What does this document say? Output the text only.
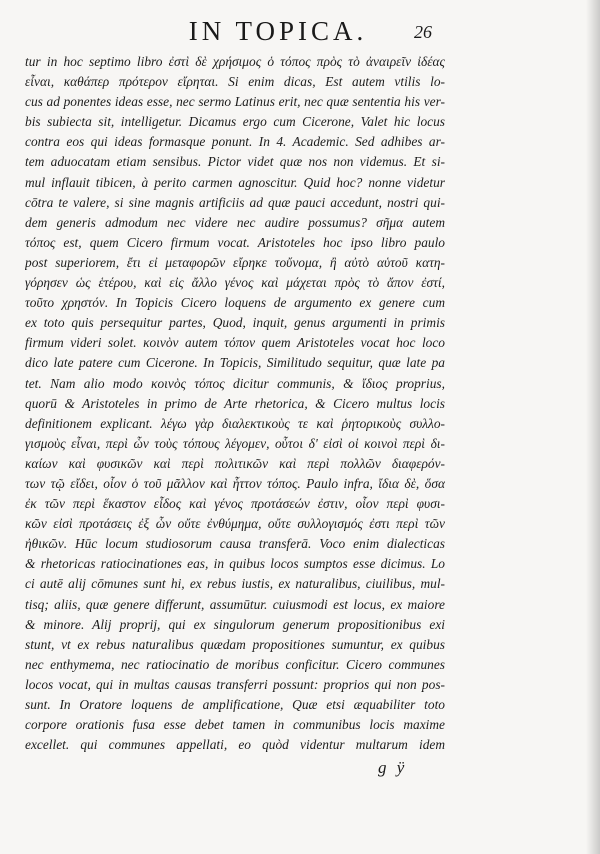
IN TOPICA.	26
tur in hoc septimo libro ἐστὶ δὲ χρήσιμος ὁ τόπος πρὸς τὸ ἀναιρεῖν ἰδέας
εἶναι, καθάπερ πρότερον εἴρηται. Si enim dicas, Est autem vtilis lo-
cus ad ponentes ideas esse, nec sermo Latinus erit, nec quæ sententia his ver-
bis subiecta sit, intelligetur. Dicamus ergo cum Cicerone, Valet hic locus
contra eos qui ideas formasque ponunt. In 4. Academic. Sed adhibes ar-
tem aduocatam etiam sensibus. Pictor videt quæ nos non videmus. Et si-
mul inflauit tibicen, à perito carmen agnoscitur. Quid hoc? nonne videtur
cōtra te valere, si sine magnis artificiis ad quæ pauci accedunt, nostri qui-
dem generis admodum nec videre nec audire possumus? σῆμα autem
τόπος est, quem Cicero firmum vocat. Aristoteles hoc ipso libro paulo
post superiorem, ἔτι εἰ μεταφορῶν εἴρηκε τοὔνομα, ἢ αὐτὸ αὑτοῦ κατη-
γόρησεν ὡς ἑτέρου, καὶ εἰς ἄλλο γένος καὶ μάχεται πρὸς τὸ ἄπον ἐστί,
τοῦτο χρηστόν. In Topicis Cicero loquens de argumento ex genere cum
ex toto quis persequitur partes, Quod, inquit, genus argumenti in primis
firmum videri solet. κοινὸν autem τόπον quem Aristoteles vocat hoc loco
dico late patere cum Cicerone. In Topicis, Similitudo sequitur, quæ late pa
tet. Nam alio modo κοινὸς τόπος dicitur communis, & ἴδιος proprius,
quorū & Aristoteles in primo de Arte rhetorica, & Cicero multus locis
definitionem explicant. λέγω γὰρ διαλεκτικοὺς τε καὶ ῥητορικοὺς συλλο-
γισμοὺς εἶναι, περὶ ὧν τοὺς τόπους λέγομεν, οὗτοι δ' εἰσὶ οἱ κοινοὶ περὶ δι-
καίων καὶ φυσικῶν καὶ περὶ πολιτικῶν καὶ περὶ πολλῶν διαφερόν-
των τῷ εἴδει, οἷον ὁ τοῦ μᾶλλον καὶ ἧττον τόπος. Paulo infra, ἴδια δὲ, ὅσα
ἐκ τῶν περὶ ἕκαστον εἶδος καὶ γένος προτάσεών ἐστιν, οἷον περὶ φυσι-
κῶν εἰσὶ προτάσεις ἐξ ὧν οὔτε ἐνθύμημα, οὔτε συλλογισμός ἐστι περὶ τῶν
ἠθικῶν. Hūc locum studiosorum causa transferā. Voco enim dialecticas
& rhetoricas ratiocinationes eas, in quibus locos sumptos esse dicimus. Lo
ci autē alij cōmunes sunt hi, ex rebus iustis, ex naturalibus, ciuilibus, mul-
tisq; aliis, quæ genere differunt, assumūtur. cuiusmodi est locus, ex maiore
& minore. Alij proprij, qui ex singulorum generum propositionibus exi
stunt, vt ex rebus naturalibus quædam propositiones sumuntur, ex quibus
nec enthymema, nec ratiocinatio de moribus conficitur. Cicero communes
locos vocat, qui in multas causas transferri possunt: proprios qui non pos-
sunt. In Oratore loquens de amplificatione, Quæ etsi æquabiliter toto
corpore orationis fusa esse debet tamen in communibus locis maxime
excellet. qui communes appellati, eo quòd videntur multarum idem
g ÿ
